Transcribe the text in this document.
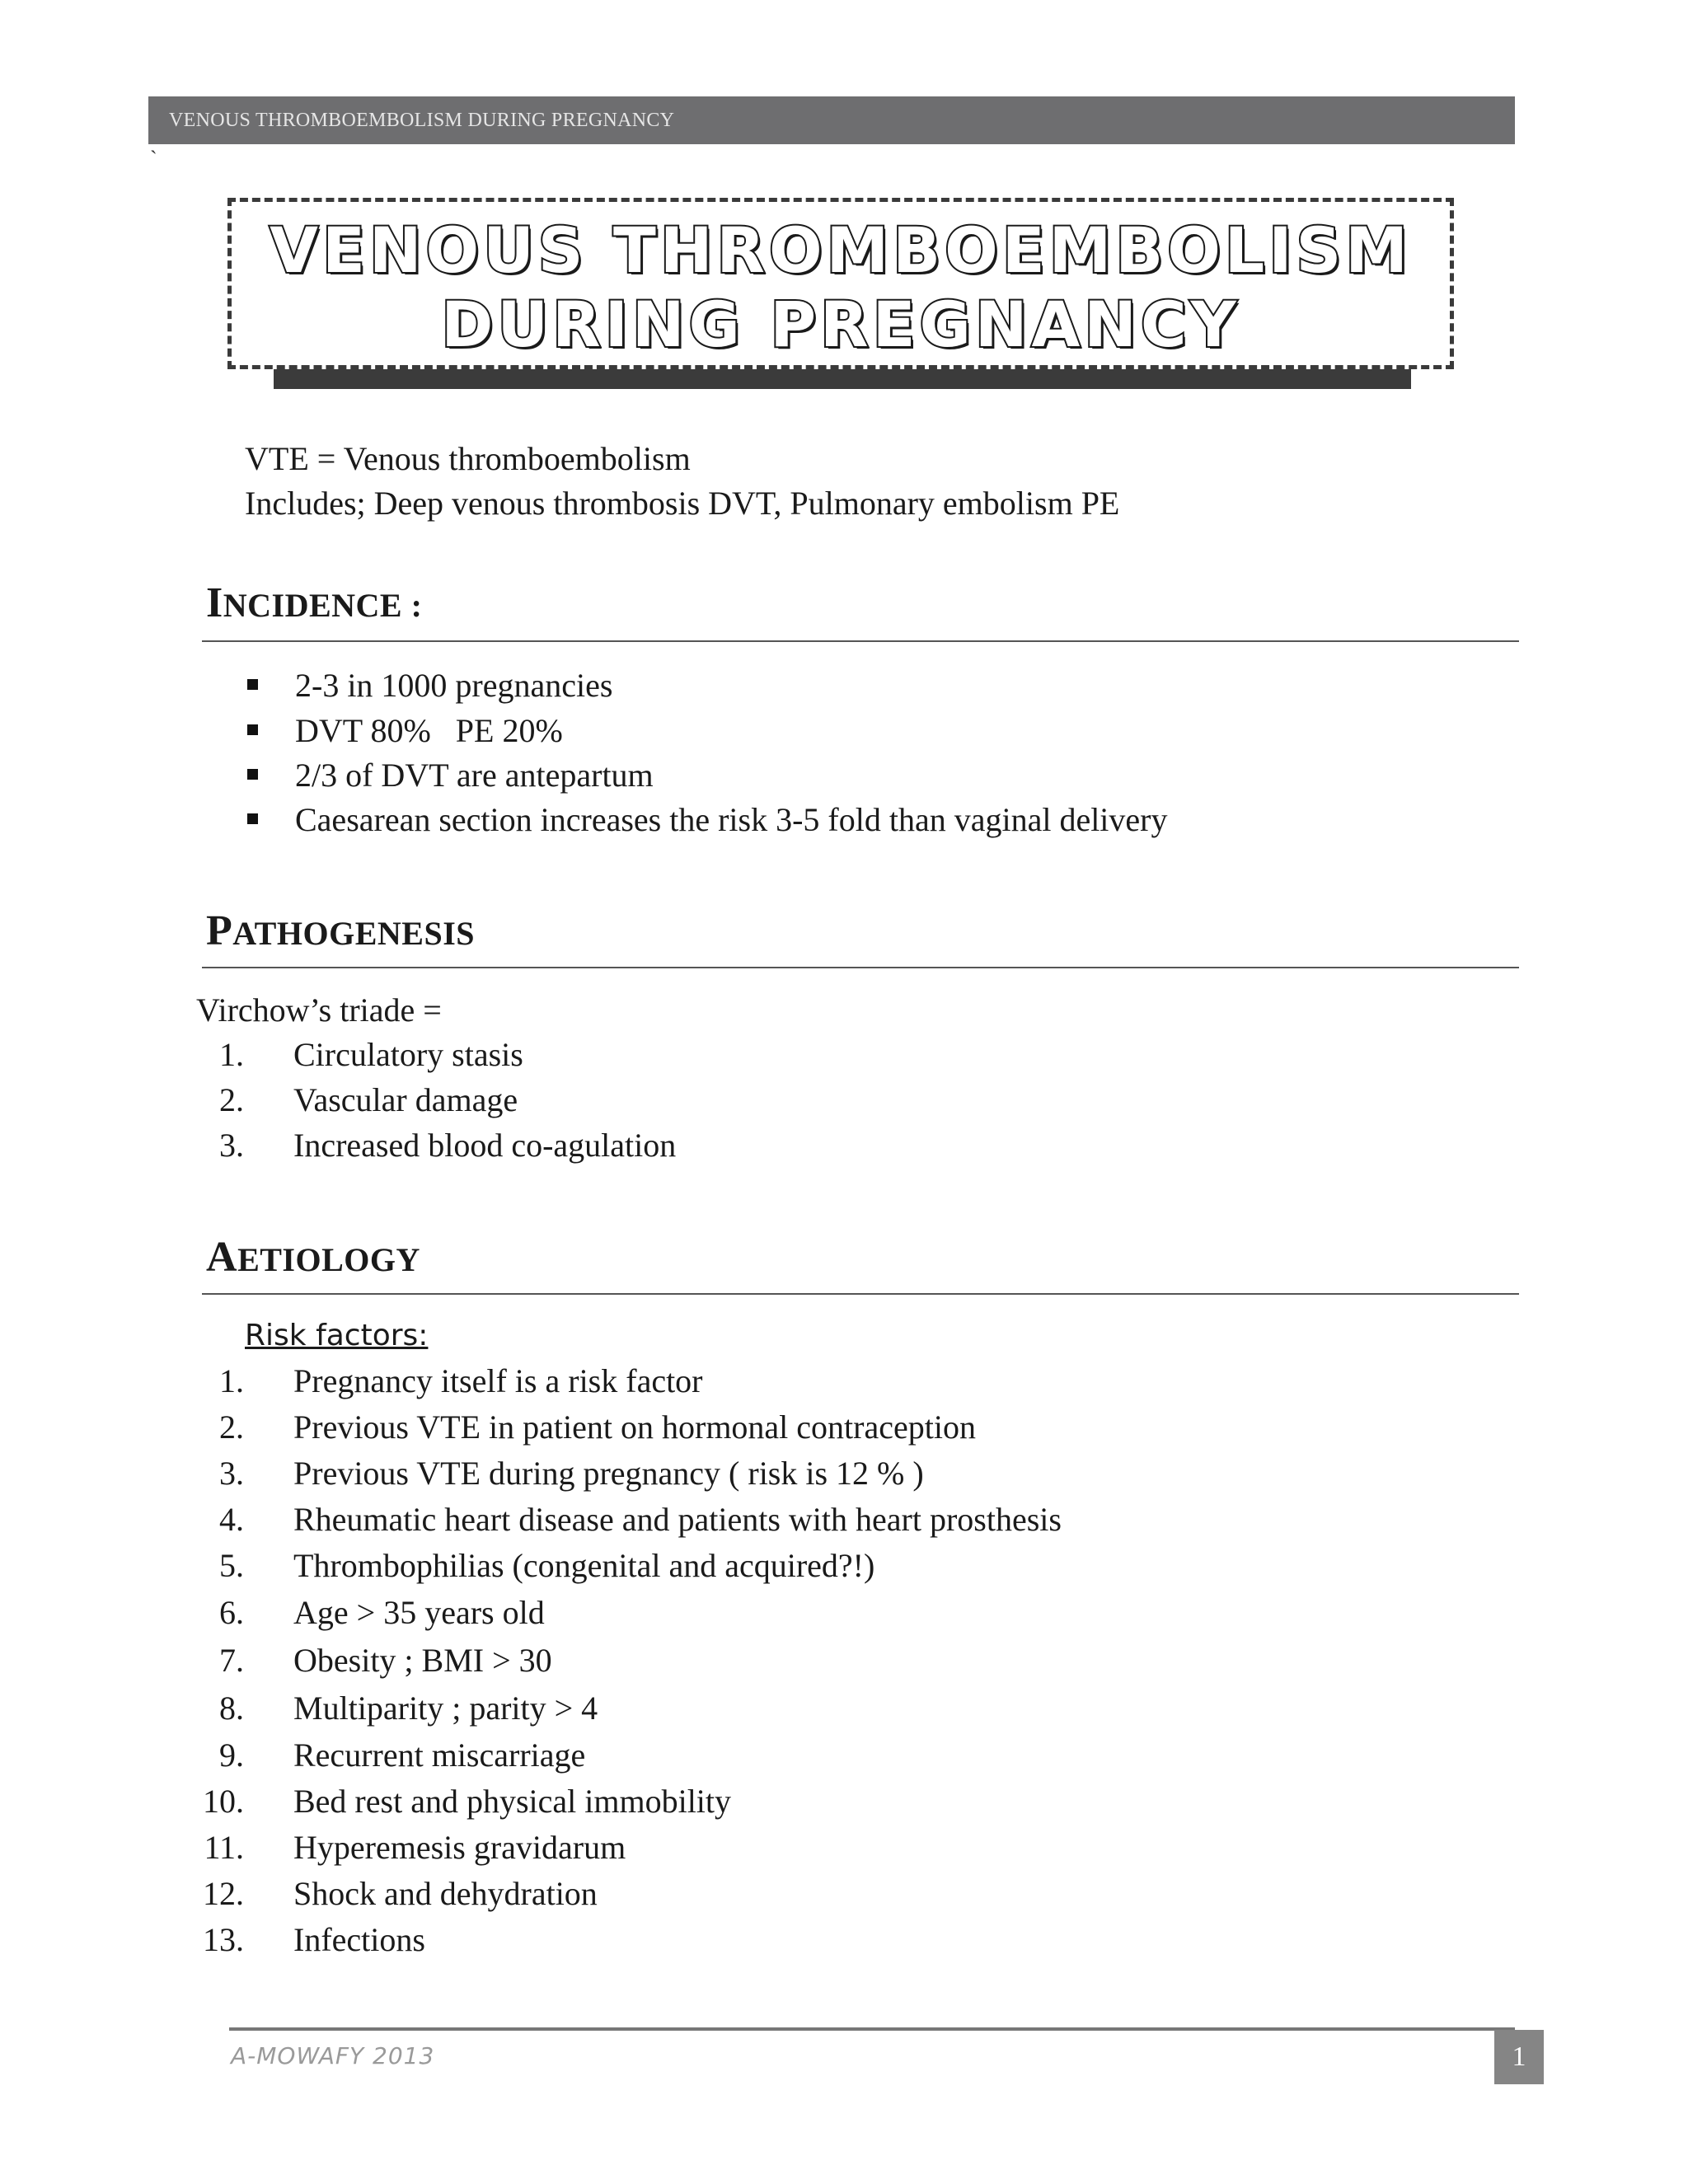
VENOUS THROMBOEMBOLISM DURING PREGNANCY
`
VENOUS THROMBOEMBOLISM
DURING PREGNANCY
VTE = Venous thromboembolism
Includes; Deep venous thrombosis DVT, Pulmonary embolism PE
INCIDENCE :
2-3 in 1000 pregnancies
DVT 80%   PE 20%
2/3 of DVT are antepartum
Caesarean section increases the risk 3-5 fold than vaginal delivery
PATHOGENESIS
Virchow’s triade =
1. Circulatory stasis
2. Vascular damage
3. Increased blood co-agulation
AETIOLOGY
Risk factors:
1. Pregnancy itself is a risk factor
2. Previous VTE in patient on hormonal contraception
3. Previous VTE during pregnancy ( risk is 12 % )
4. Rheumatic heart disease and patients with heart prosthesis
5. Thrombophilias (congenital and acquired?!)
6. Age > 35 years old
7. Obesity ; BMI > 30
8. Multiparity ; parity > 4
9. Recurrent miscarriage
10. Bed rest and physical immobility
11. Hyperemesis gravidarum
12. Shock and dehydration
13. Infections
A-MOWAFY 2013	1
